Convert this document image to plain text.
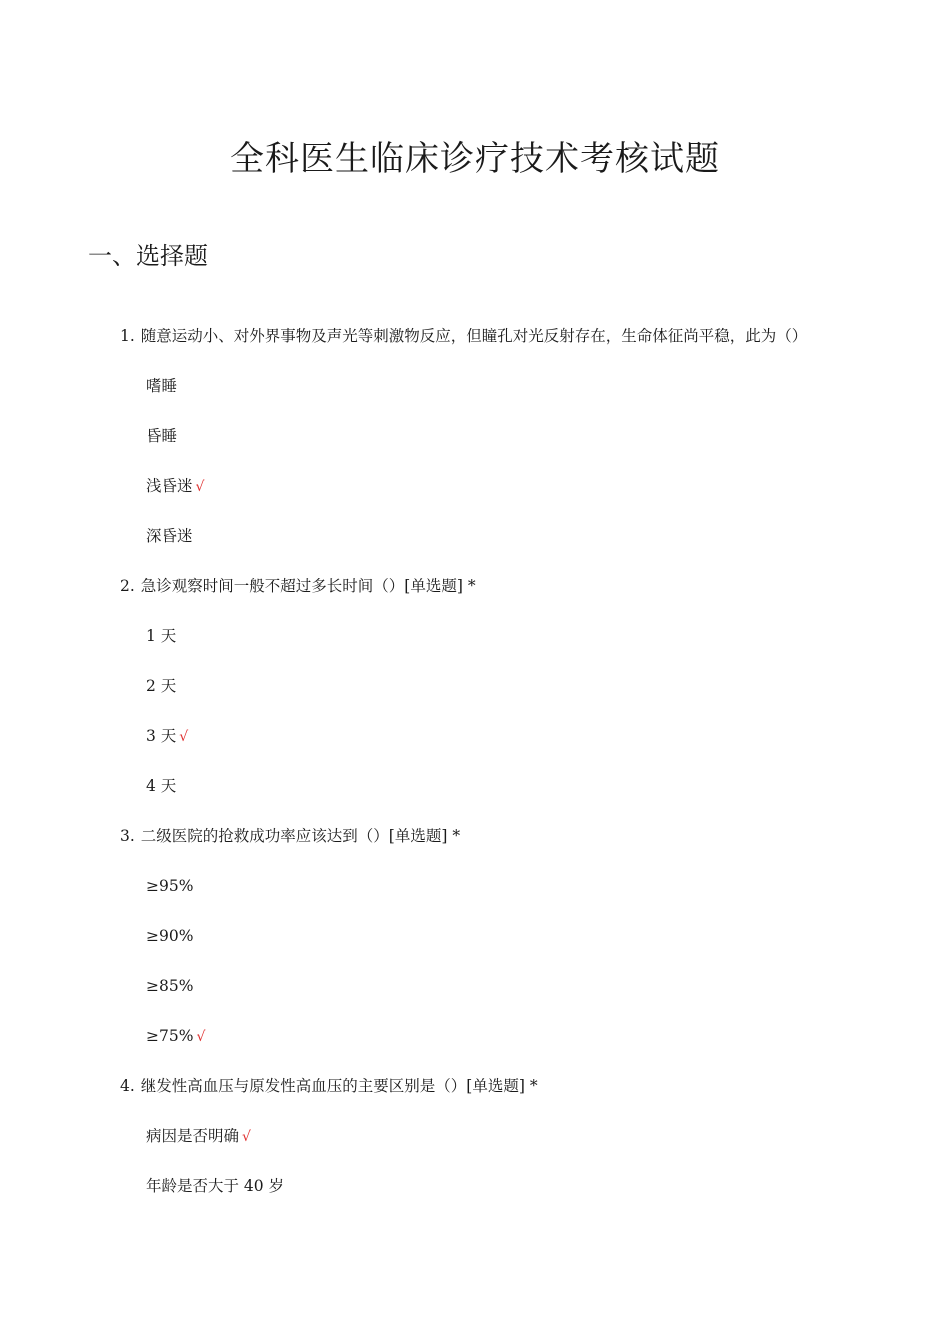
全科医生临床诊疗技术考核试题
一、选择题
1. 随意运动小、对外界事物及声光等刺激物反应，但瞳孔对光反射存在，生命体征尚平稳，此为（）
嗜睡
昏睡
浅昏迷 √
深昏迷
2. 急诊观察时间一般不超过多长时间（）[单选题] *
1 天
2 天
3 天 √
4 天
3. 二级医院的抢救成功率应该达到（）[单选题] *
≥95%
≥90%
≥85%
≥75% √
4. 继发性高血压与原发性高血压的主要区别是（）[单选题] *
病因是否明确 √
年龄是否大于 40 岁
